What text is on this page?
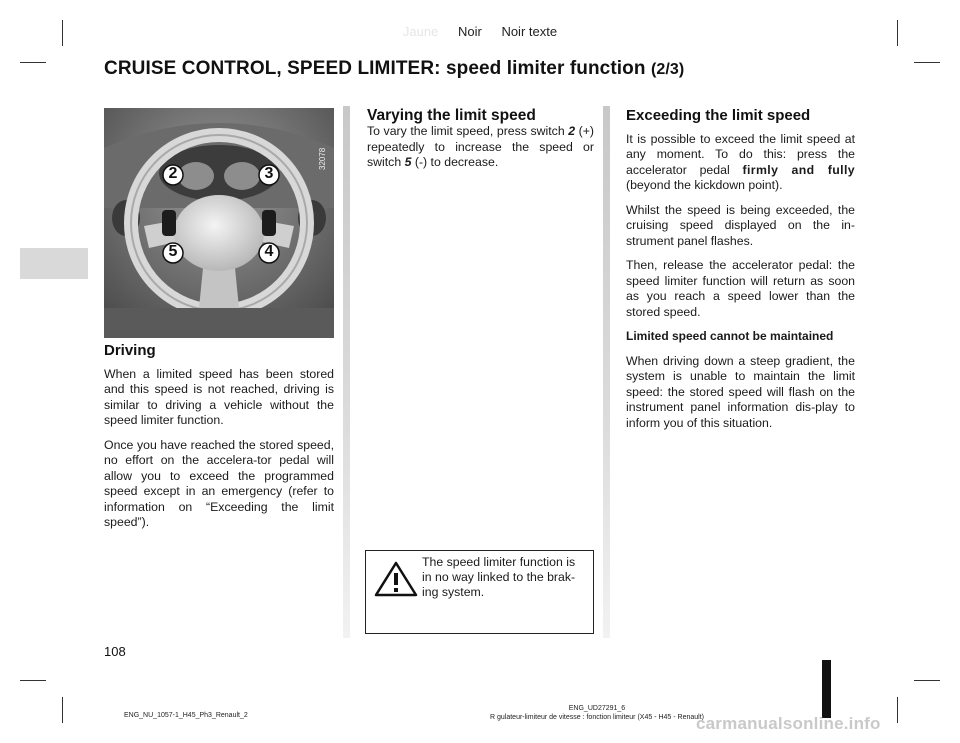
Jaune Noir Noir texte
CRUISE CONTROL, SPEED LIMITER: speed limiter function (2/3)
2	3
5	4
32078
Driving

When a limited speed has been stored and this speed is not reached, driving is similar to driving a vehicle without the speed limiter function.

Once you have reached the stored speed, no effort on the accelera-tor pedal will allow you to exceed the programmed speed except in an emergency (refer to information on “Exceeding the limit speed”).

Varying the limit speed

To vary the limit speed, press switch 2 (+) repeatedly to increase the speed or switch 5 (-) to decrease.

The speed limiter function is in no way linked to the brak-ing system.
Exceeding the limit speed

It is possible to exceed the limit speed at any moment. To do this: press the accelerator pedal firmly and fully (beyond the kickdown point).

Whilst the speed is being exceeded, the cruising speed displayed on the in-strument panel flashes.

Then, release the accelerator pedal: the speed limiter function will return as soon as you reach a speed lower than the stored speed.

Limited speed cannot be maintained

When driving down a steep gradient, the system is unable to maintain the limit speed: the stored speed will flash on the instrument panel information dis-play to inform you of this situation.

108
ENG_NU_1057-1_H45_Ph3_Renault_2
ENG_UD27291_6
R gulateur-limiteur de vitesse : fonction limiteur (X45 - H45 - Renault)
carmanualsonline.info
